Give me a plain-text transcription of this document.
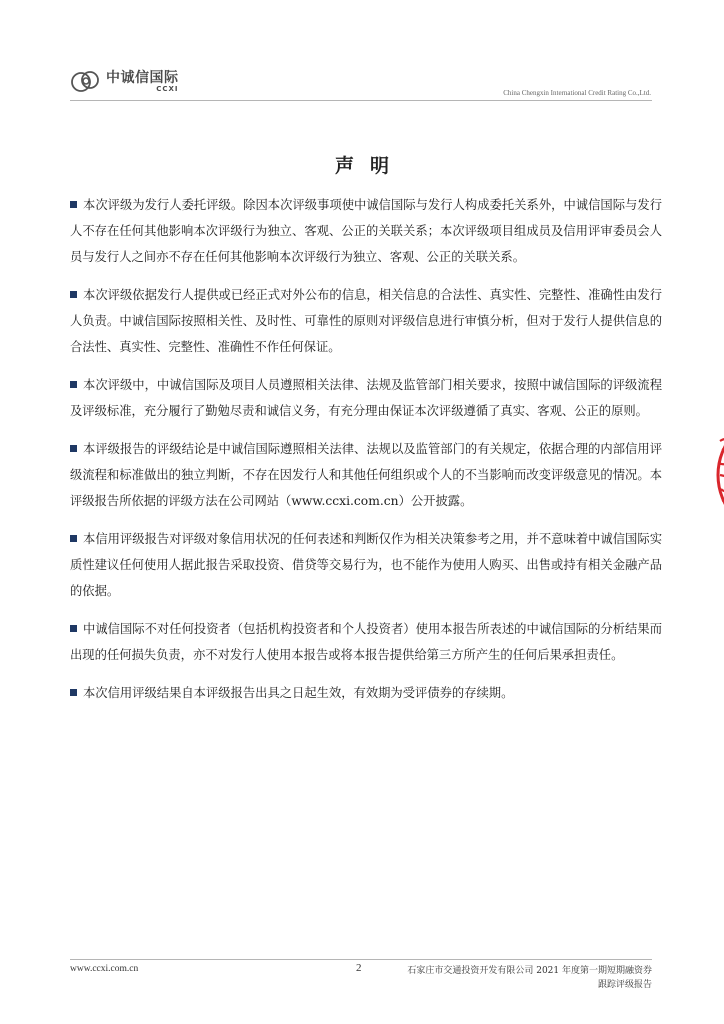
中诚信国际
CCXI	China Chengxin International Credit Rating Co.,Ltd.
声明

本次评级为发行人委托评级。除因本次评级事项使中诚信国际与发行人构成委托关系外，中诚信国际与发行人不存在任何其他影响本次评级行为独立、客观、公正的关联关系；本次评级项目组成员及信用评审委员会人员与发行人之间亦不存在任何其他影响本次评级行为独立、客观、公正的关联关系。

本次评级依据发行人提供或已经正式对外公布的信息，相关信息的合法性、真实性、完整性、准确性由发行人负责。中诚信国际按照相关性、及时性、可靠性的原则对评级信息进行审慎分析，但对于发行人提供信息的合法性、真实性、完整性、准确性不作任何保证。

本次评级中，中诚信国际及项目人员遵照相关法律、法规及监管部门相关要求，按照中诚信国际的评级流程及评级标准，充分履行了勤勉尽责和诚信义务，有充分理由保证本次评级遵循了真实、客观、公正的原则。

本评级报告的评级结论是中诚信国际遵照相关法律、法规以及监管部门的有关规定，依据合理的内部信用评级流程和标准做出的独立判断，不存在因发行人和其他任何组织或个人的不当影响而改变评级意见的情况。本评级报告所依据的评级方法在公司网站（www.ccxi.com.cn）公开披露。

本信用评级报告对评级对象信用状况的任何表述和判断仅作为相关决策参考之用，并不意味着中诚信国际实质性建议任何使用人据此报告采取投资、借贷等交易行为，也不能作为使用人购买、出售或持有相关金融产品的依据。

中诚信国际不对任何投资者（包括机构投资者和个人投资者）使用本报告所表述的中诚信国际的分析结果而出现的任何损失负责，亦不对发行人使用本报告或将本报告提供给第三方所产生的任何后果承担责任。

本次信用评级结果自本评级报告出具之日起生效，有效期为受评债券的存续期。

www.ccxi.com.cn	2	石家庄市交通投资开发有限公司 2021 年度第一期短期融资券
跟踪评级报告
